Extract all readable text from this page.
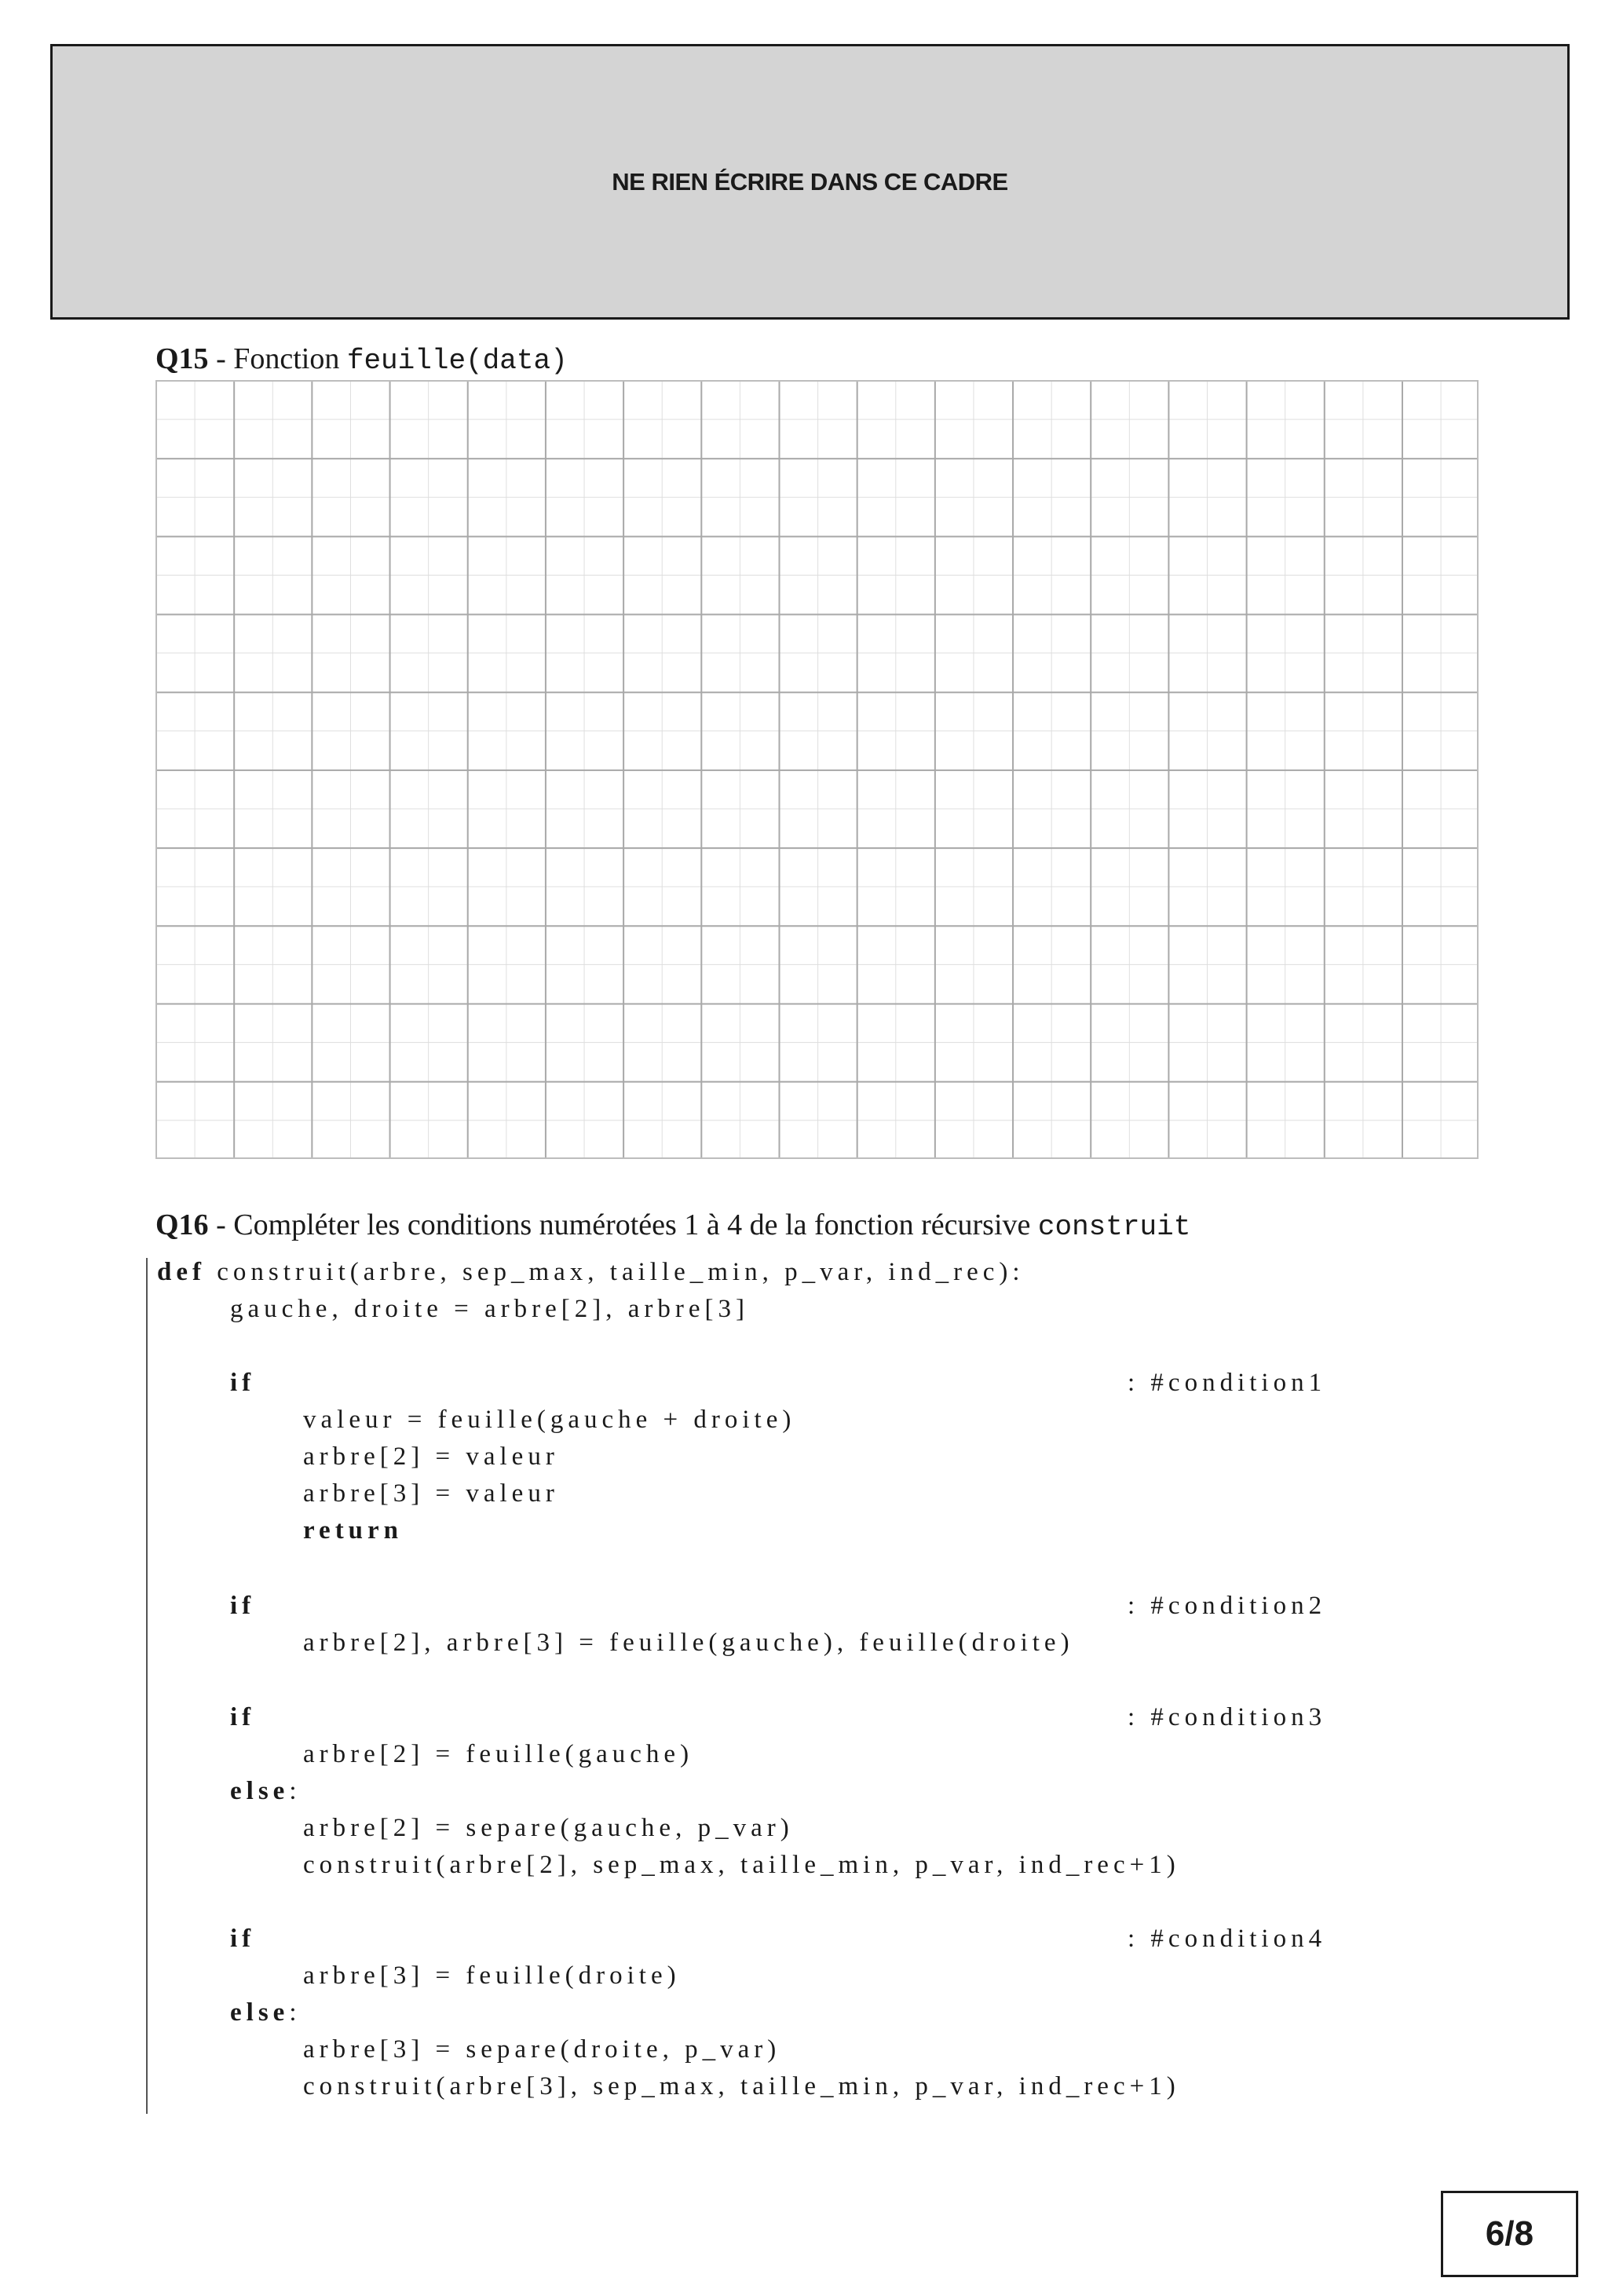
NE RIEN ÉCRIRE DANS CE CADRE
Q15 - Fonction feuille(data)
Q16 - Compléter les conditions numérotées 1 à 4 de la fonction récursive construit
def construit(arbre, sep_max, taille_min, p_var, ind_rec):
gauche, droite = arbre[2], arbre[3]
if	: #condition1
valeur = feuille(gauche + droite)
arbre[2] = valeur
arbre[3] = valeur
return
if	: #condition2
arbre[2], arbre[3] = feuille(gauche), feuille(droite)
if	: #condition3
arbre[2] = feuille(gauche)
else:
arbre[2] = separe(gauche, p_var)
construit(arbre[2], sep_max, taille_min, p_var, ind_rec+1)
if	: #condition4
arbre[3] = feuille(droite)
else:
arbre[3] = separe(droite, p_var)
construit(arbre[3], sep_max, taille_min, p_var, ind_rec+1)
6/8
